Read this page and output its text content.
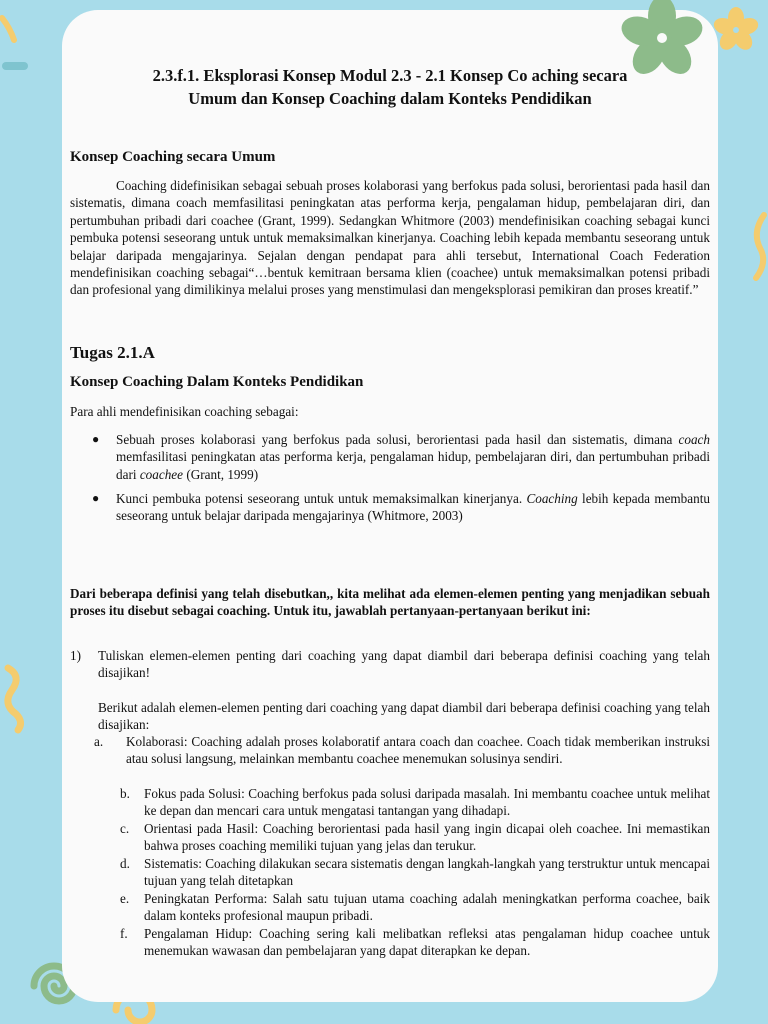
2.3.f.1. Eksplorasi Konsep Modul 2.3 - 2.1 Konsep Co aching secara
Umum dan Konsep Coaching dalam Konteks Pendidikan
Konsep Coaching secara Umum
Coaching didefinisikan sebagai sebuah proses kolaborasi yang berfokus pada solusi, berorientasi pada hasil dan sistematis, dimana coach memfasilitasi peningkatan atas performa kerja, pengalaman hidup, pembelajaran diri, dan pertumbuhan pribadi dari coachee (Grant, 1999). Sedangkan Whitmore (2003) mendefinisikan coaching sebagai kunci pembuka potensi seseorang untuk untuk memaksimalkan kinerjanya. Coaching lebih kepada membantu seseorang untuk belajar daripada mengajarinya. Sejalan dengan pendapat para ahli tersebut, International Coach Federation mendefinisikan coaching sebagai“…bentuk kemitraan bersama klien (coachee) untuk memaksimalkan potensi pribadi dan profesional yang dimilikinya melalui proses yang menstimulasi dan mengeksplorasi pemikiran dan proses kreatif.”
Tugas 2.1.A
Konsep Coaching Dalam Konteks Pendidikan
Para ahli mendefinisikan coaching sebagai:
● Sebuah proses kolaborasi yang berfokus pada solusi, berorientasi pada hasil dan sistematis, dimana coach memfasilitasi peningkatan atas performa kerja, pengalaman hidup, pembelajaran diri, dan pertumbuhan pribadi dari coachee (Grant, 1999)
● Kunci pembuka potensi seseorang untuk untuk memaksimalkan kinerjanya. Coaching lebih kepada membantu seseorang untuk belajar daripada mengajarinya (Whitmore, 2003)
Dari beberapa definisi yang telah disebutkan,, kita melihat ada elemen-elemen penting yang menjadikan sebuah proses itu disebut sebagai coaching. Untuk itu, jawablah pertanyaan-pertanyaan berikut ini:
1) Tuliskan elemen-elemen penting dari coaching yang dapat diambil dari beberapa definisi coaching yang telah disajikan!
Berikut adalah elemen-elemen penting dari coaching yang dapat diambil dari beberapa definisi coaching yang telah disajikan:
a. Kolaborasi: Coaching adalah proses kolaboratif antara coach dan coachee. Coach tidak memberikan instruksi atau solusi langsung, melainkan membantu coachee menemukan solusinya sendiri.
b. Fokus pada Solusi: Coaching berfokus pada solusi daripada masalah. Ini membantu coachee untuk melihat ke depan dan mencari cara untuk mengatasi tantangan yang dihadapi.
c. Orientasi pada Hasil: Coaching berorientasi pada hasil yang ingin dicapai oleh coachee. Ini memastikan bahwa proses coaching memiliki tujuan yang jelas dan terukur.
d. Sistematis: Coaching dilakukan secara sistematis dengan langkah-langkah yang terstruktur untuk mencapai tujuan yang telah ditetapkan
e. Peningkatan Performa: Salah satu tujuan utama coaching adalah meningkatkan performa coachee, baik dalam konteks profesional maupun pribadi.
f. Pengalaman Hidup: Coaching sering kali melibatkan refleksi atas pengalaman hidup coachee untuk menemukan wawasan dan pembelajaran yang dapat diterapkan ke depan.
